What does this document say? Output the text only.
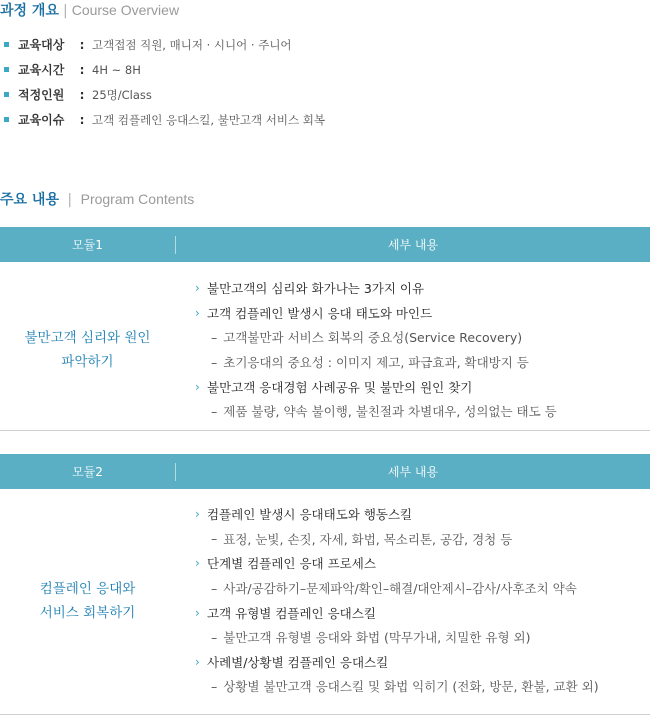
과정 개요 | Course Overview
교육대상	: 고객접점 직원, 매니저 · 시니어 · 주니어
교육시간	: 4H ~ 8H
적정인원	: 25명/Class
교육이슈	: 고객 컴플레인 응대스킬, 불만고객 서비스 회복
주요 내용 | Program Contents
모듈1	세부 내용
불만고객 심리와 원인
파악하기
› 불만고객의 심리와 화가나는 3가지 이유
› 고객 컴플레인 발생시 응대 태도와 마인드
– 고객불만과 서비스 회복의 중요성(Service Recovery)
– 초기응대의 중요성 : 이미지 제고, 파급효과, 확대방지 등
› 불만고객 응대경험 사례공유 및 불만의 원인 찾기
– 제품 불량, 약속 불이행, 불친절과 차별대우, 성의없는 태도 등
모듈2	세부 내용
컴플레인 응대와
서비스 회복하기
› 컴플레인 발생시 응대태도와 행동스킬
– 표정, 눈빛, 손짓, 자세, 화법, 목소리톤, 공감, 경청 등
› 단계별 컴플레인 응대 프로세스
– 사과/공감하기–문제파악/확인–해결/대안제시–감사/사후조치 약속
› 고객 유형별 컴플레인 응대스킬
– 불만고객 유형별 응대와 화법 (막무가내, 치밀한 유형 외)
› 사례별/상황별 컴플레인 응대스킬
– 상황별 불만고객 응대스킬 및 화법 익히기 (전화, 방문, 환불, 교환 외)
